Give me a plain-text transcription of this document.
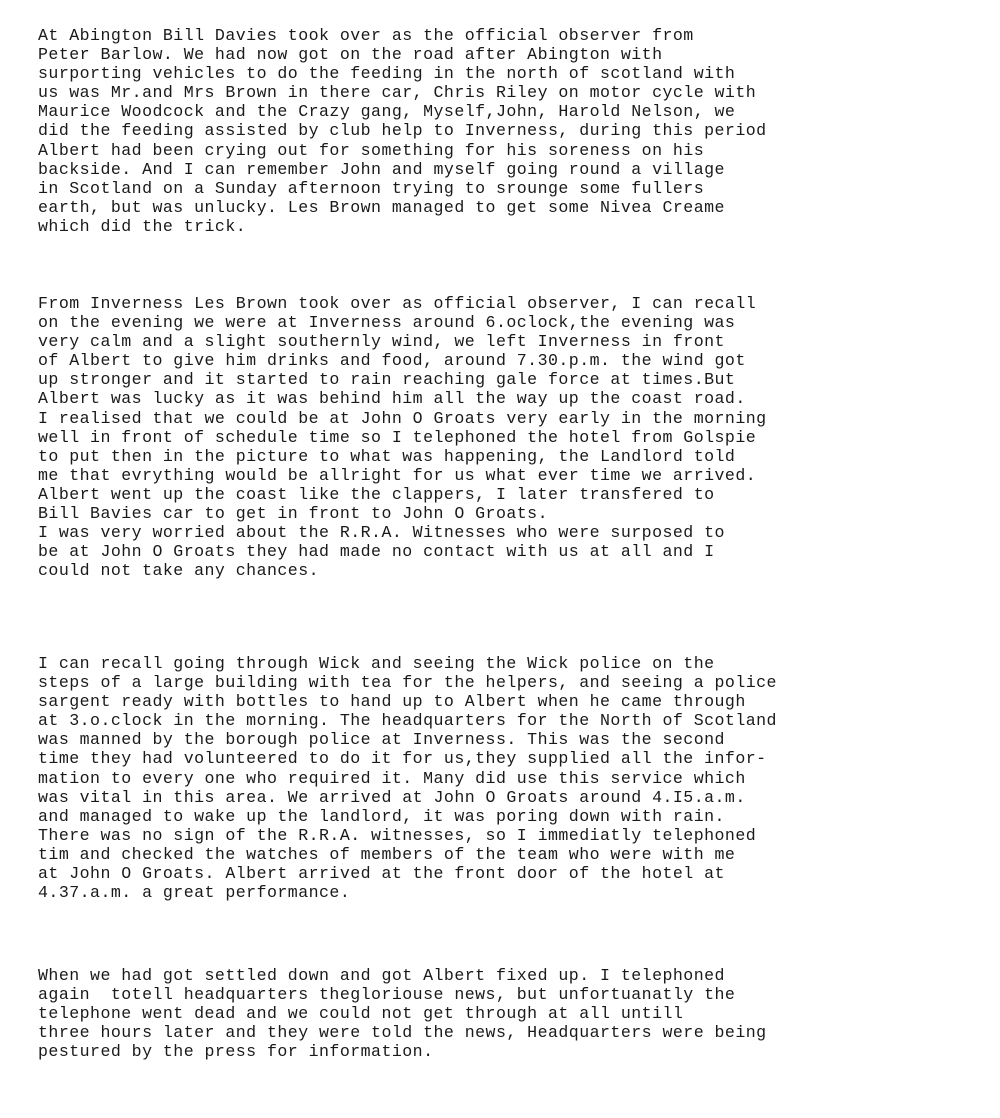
At Abington Bill Davies took over as the official observer from
Peter Barlow. We had now got on the road after Abington with
surporting vehicles to do the feeding in the north of scotland with
us was Mr.and Mrs Brown in there car, Chris Riley on motor cycle with
Maurice Woodcock and the Crazy gang, Myself,John, Harold Nelson, we
did the feeding assisted by club help to Inverness, during this period
Albert had been crying out for something for his soreness on his
backside. And I can remember John and myself going round a village
in Scotland on a Sunday afternoon trying to srounge some fullers
earth, but was unlucky. Les Brown managed to get some Nivea Creame
which did the trick.
From Inverness Les Brown took over as official observer, I can recall
on the evening we were at Inverness around 6.oclock,the evening was
very calm and a slight southernly wind, we left Inverness in front
of Albert to give him drinks and food, around 7.30.p.m. the wind got
up stronger and it started to rain reaching gale force at times.But
Albert was lucky as it was behind him all the way up the coast road.
I realised that we could be at John O Groats very early in the morning
well in front of schedule time so I telephoned the hotel from Golspie
to put then in the picture to what was happening, the Landlord told
me that evrything would be allright for us what ever time we arrived.
Albert went up the coast like the clappers, I later transfered to
Bill Bavies car to get in front to John O Groats.
I was very worried about the R.R.A. Witnesses who were surposed to
be at John O Groats they had made no contact with us at all and I
could not take any chances.
I can recall going through Wick and seeing the Wick police on the
steps of a large building with tea for the helpers, and seeing a police
sargent ready with bottles to hand up to Albert when he came through
at 3.o.clock in the morning. The headquarters for the North of Scotland
was manned by the borough police at Inverness. This was the second
time they had volunteered to do it for us,they supplied all the infor-
mation to every one who required it. Many did use this service which
was vital in this area. We arrived at John O Groats around 4.I5.a.m.
and managed to wake up the landlord, it was poring down with rain.
There was no sign of the R.R.A. witnesses, so I immediatly telephoned
tim and checked the watches of members of the team who were with me
at John O Groats. Albert arrived at the front door of the hotel at
4.37.a.m. a great performance.
When we had got settled down and got Albert fixed up. I telephoned
again  totell headquarters thegloriouse news, but unfortuanatly the
telephone went dead and we could not get through at all untill
three hours later and they were told the news, Headquarters were being
pestured by the press for information.
